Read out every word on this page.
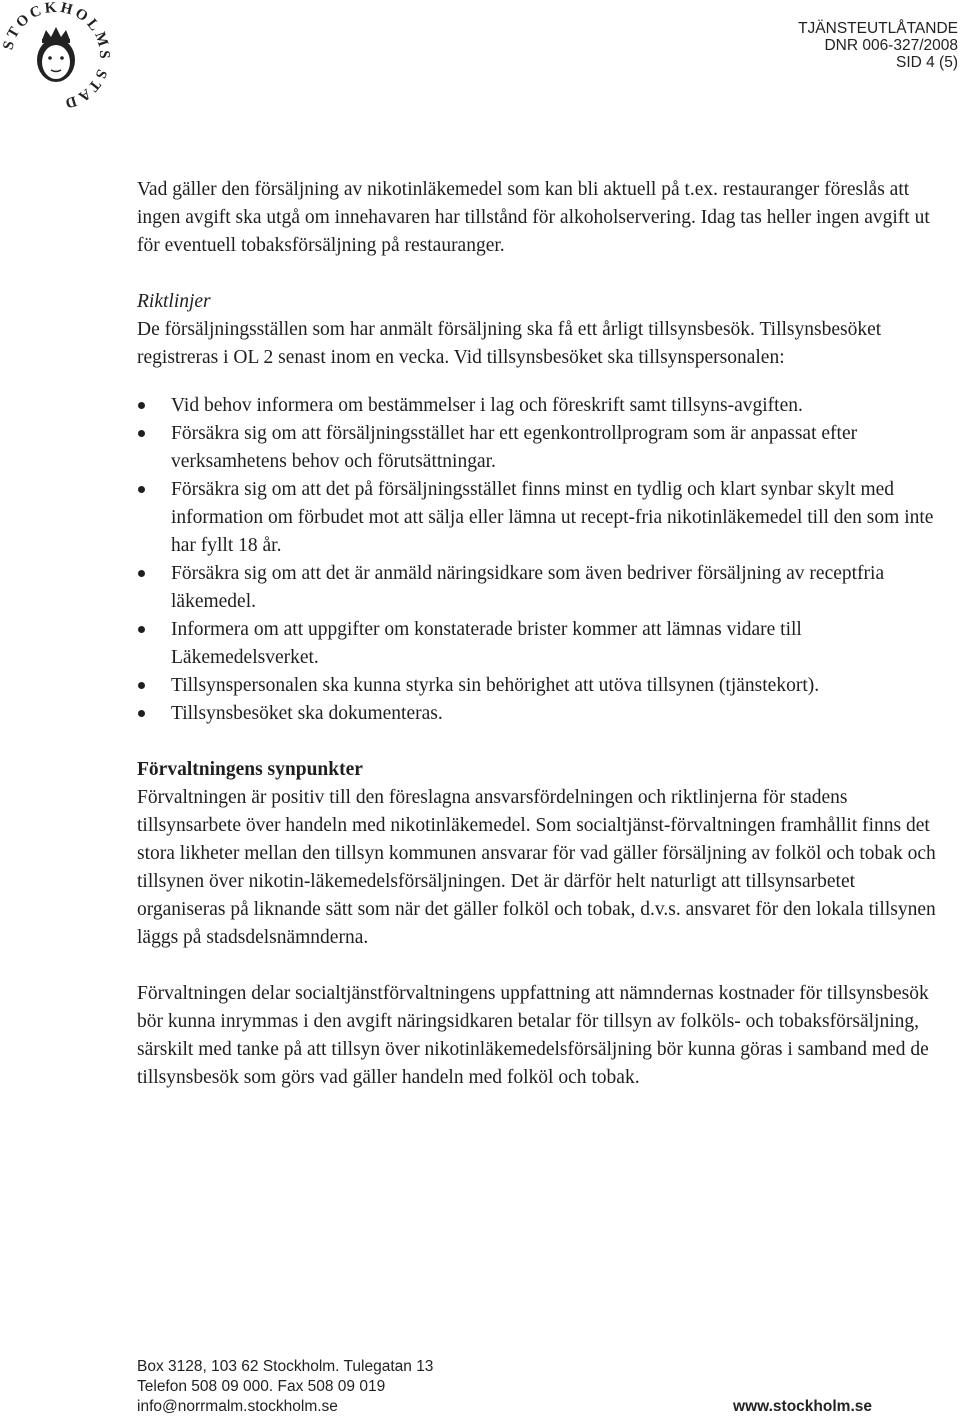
STOCKHOLMS STAD
TJÄNSTEUTLÅTANDE
DNR 006-327/2008
SID 4 (5)

Vad gäller den försäljning av nikotinläkemedel som kan bli aktuell på t.ex. restauranger föreslås att ingen avgift ska utgå om innehavaren har tillstånd för alkoholservering. Idag tas heller ingen avgift ut för eventuell tobaksförsäljning på restauranger.

Riktlinjer

De försäljningsställen som har anmält försäljning ska få ett årligt tillsynsbesök. Tillsynsbesöket registreras i OL 2 senast inom en vecka. Vid tillsynsbesöket ska tillsynspersonalen:

Vid behov informera om bestämmelser i lag och föreskrift samt tillsyns-avgiften.
Försäkra sig om att försäljningsstället har ett egenkontrollprogram som är anpassat efter verksamhetens behov och förutsättningar.
Försäkra sig om att det på försäljningsstället finns minst en tydlig och klart synbar skylt med information om förbudet mot att sälja eller lämna ut recept-fria nikotinläkemedel till den som inte har fyllt 18 år.
Försäkra sig om att det är anmäld näringsidkare som även bedriver försäljning av receptfria läkemedel.
Informera om att uppgifter om konstaterade brister kommer att lämnas vidare till Läkemedelsverket.
Tillsynspersonalen ska kunna styrka sin behörighet att utöva tillsynen (tjänstekort).
Tillsynsbesöket ska dokumenteras.

Förvaltningens synpunkter

Förvaltningen är positiv till den föreslagna ansvarsfördelningen och riktlinjerna för stadens tillsynsarbete över handeln med nikotinläkemedel. Som socialtjänst-förvaltningen framhållit finns det stora likheter mellan den tillsyn kommunen ansvarar för vad gäller försäljning av folköl och tobak och tillsynen över nikotin-läkemedelsförsäljningen. Det är därför helt naturligt att tillsynsarbetet organiseras på liknande sätt som när det gäller folköl och tobak, d.v.s. ansvaret för den lokala tillsynen läggs på stadsdelsnämnderna.

Förvaltningen delar socialtjänstförvaltningens uppfattning att nämndernas kostnader för tillsynsbesök bör kunna inrymmas i den avgift näringsidkaren betalar för tillsyn av folköls- och tobaksförsäljning, särskilt med tanke på att tillsyn över nikotinläkemedelsförsäljning bör kunna göras i samband med de tillsynsbesök som görs vad gäller handeln med folköl och tobak.

Box 3128, 103 62 Stockholm. Tulegatan 13
Telefon 508 09 000. Fax 508 09 019
info@norrmalm.stockholm.se	www.stockholm.se
